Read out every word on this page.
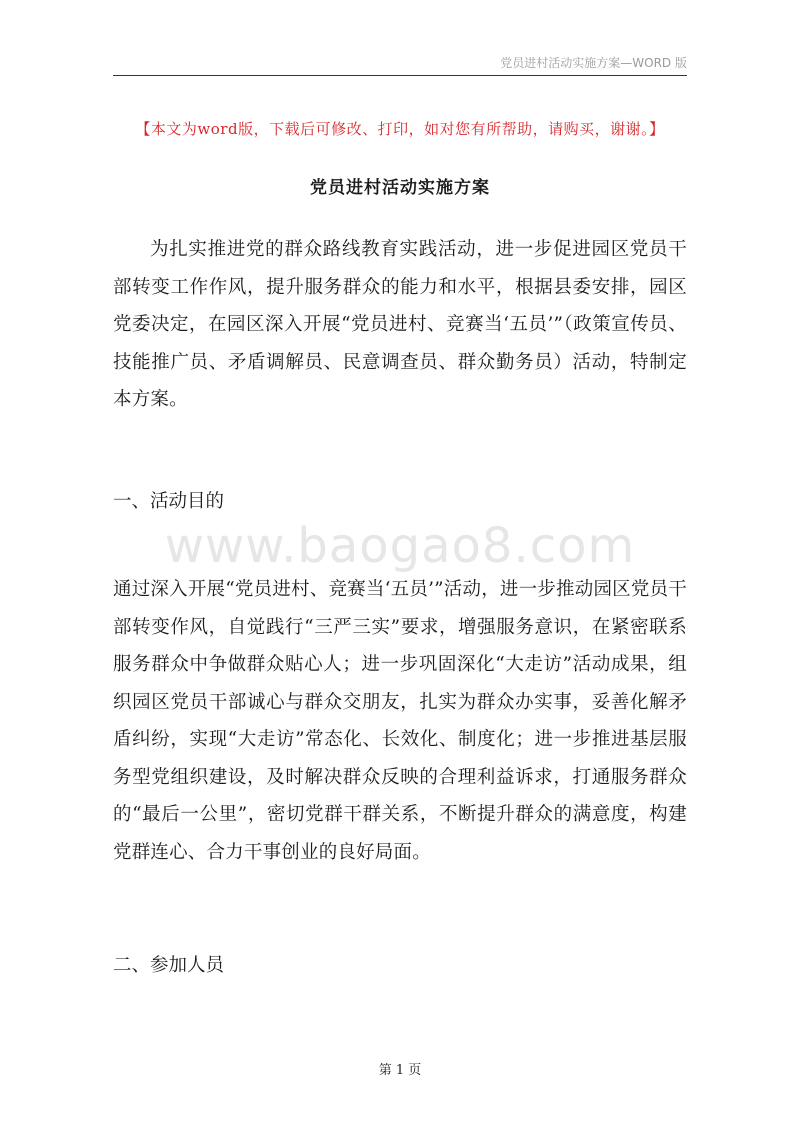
党员进村活动实施方案—WORD 版
【本文为word版，下载后可修改、打印，如对您有所帮助，请购买，谢谢。】
党员进村活动实施方案
为扎实推进党的群众路线教育实践活动，进一步促进园区党员干部转变工作作风，提升服务群众的能力和水平，根据县委安排，园区党委决定，在园区深入开展“党员进村、竞赛当‘五员’”（政策宣传员、技能推广员、矛盾调解员、民意调查员、群众勤务员）活动，特制定本方案。
一、活动目的
www.baogao8.com
通过深入开展“党员进村、竞赛当‘五员’”活动，进一步推动园区党员干部转变作风，自觉践行“三严三实”要求，增强服务意识，在紧密联系服务群众中争做群众贴心人；进一步巩固深化“大走访”活动成果，组织园区党员干部诚心与群众交朋友，扎实为群众办实事，妥善化解矛盾纠纷，实现“大走访”常态化、长效化、制度化；进一步推进基层服务型党组织建设，及时解决群众反映的合理利益诉求，打通服务群众的“最后一公里”，密切党群干群关系，不断提升群众的满意度，构建党群连心、合力干事创业的良好局面。
二、参加人员
第 1 页
